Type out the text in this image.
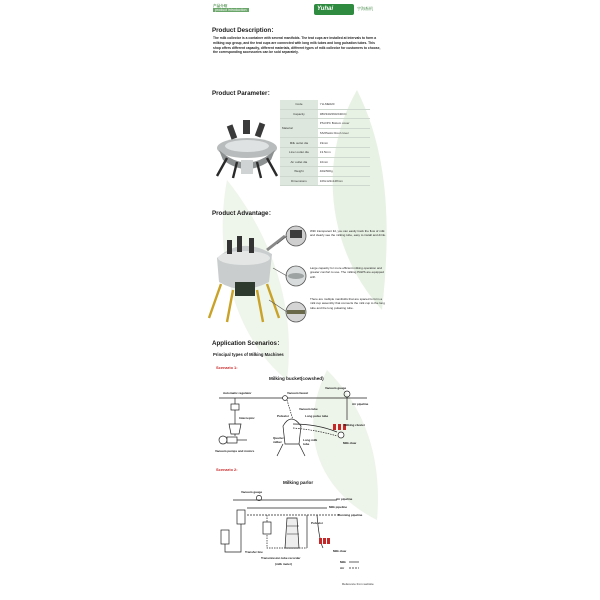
产品介绍
product introduction	Yuhai	宇海畜机
Product Description：
The milk collector is a container with several manifolds. The teat cups are installed at intervals to form a milking cup group, and the teat cups are connected with long milk tubes and long pulsation tubes. This shop offers different capacity, different materials, different types of milk collector for customers to choose, the corresponding accessories can be sold separately.
Product Parameter：
Code	YH-ME020
Capacity	380/340/260/240CC
Material	PSU/PC Bottom cover
	SS/Plastic Roof cover
Milk outlet dia	19mm
Liner outlet dia	13.5mm
Air outlet dia	10mm
Weight	40&/500g
Dimensions	106x122x128mm
Product Advantage：
With transparent lid, you can easily track the flow of milk and clearly see the milking tube, easy to install and drink.
Large capacity for more efficient milking operation and greater comfort to use. The milking PAWS are equipped with
There are multiple manifolds that are spaced to form a milk cup assembly that connects the milk cup to the long tube and the long pulsating tube.
Application Scenarios：
Principal types of Milking Machines
Scenario 1:
Milking bucket(cowshed)
Vacuum gauge
Automatic regulator	Vacuum faucet
Air pipeline
Vacuum tube
Interceptor	Pulsator	Long pulse tube
Milking cluster
Quarter milker	Long milk tube	Milk claw
Vacuum pumps and motors
Scenario 2:
Milking parlor
Vacuum gauge
Air pipeline
Milk pipeline
Running pipeline
Pulsator
Milk claw
Transfer line
Transmission tube recorder
(milk meter)	Milk
Air
Reference from website
